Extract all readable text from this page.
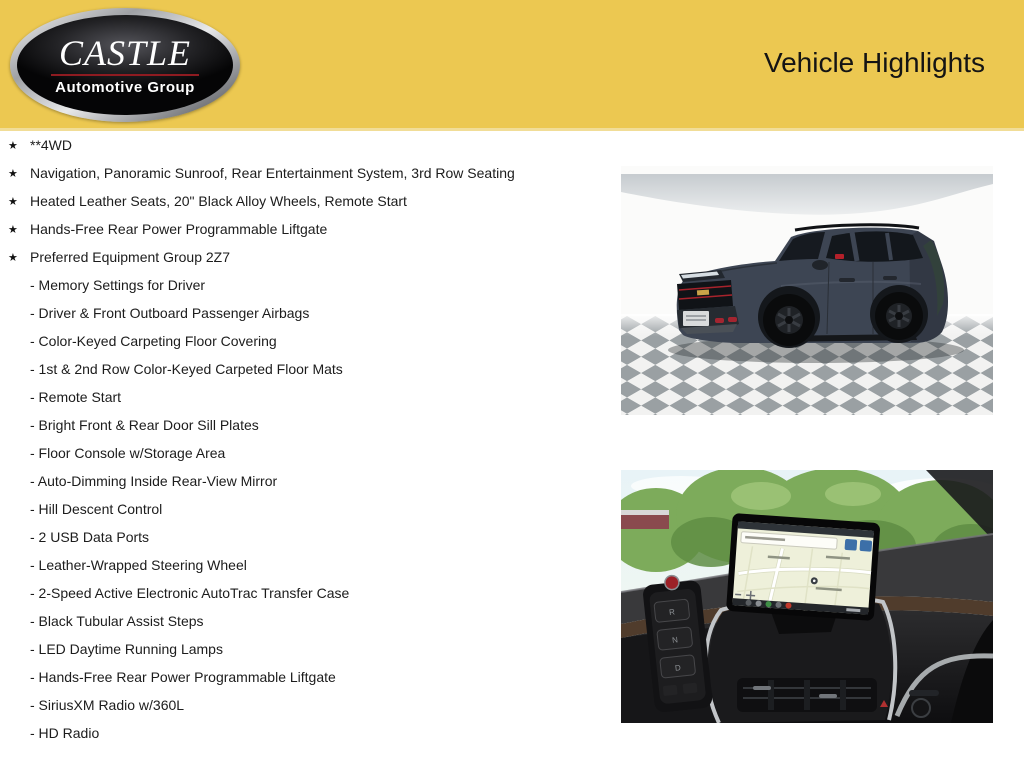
CASTLE
Automotive Group
Vehicle Highlights
★ **4WD
★ Navigation, Panoramic Sunroof, Rear Entertainment System, 3rd Row Seating
★ Heated Leather Seats, 20" Black Alloy Wheels, Remote Start
★ Hands-Free Rear Power Programmable Liftgate
★ Preferred Equipment Group 2Z7
- Memory Settings for Driver
- Driver & Front Outboard Passenger Airbags
- Color-Keyed Carpeting Floor Covering
- 1st & 2nd Row Color-Keyed Carpeted Floor Mats
- Remote Start
- Bright Front & Rear Door Sill Plates
- Floor Console w/Storage Area
- Auto-Dimming Inside Rear-View Mirror
- Hill Descent Control
- 2 USB Data Ports
- Leather-Wrapped Steering Wheel
- 2-Speed Active Electronic AutoTrac Transfer Case
- Black Tubular Assist Steps
- LED Daytime Running Lamps
- Hands-Free Rear Power Programmable Liftgate
- SiriusXM Radio w/360L
- HD Radio
R
N
D
